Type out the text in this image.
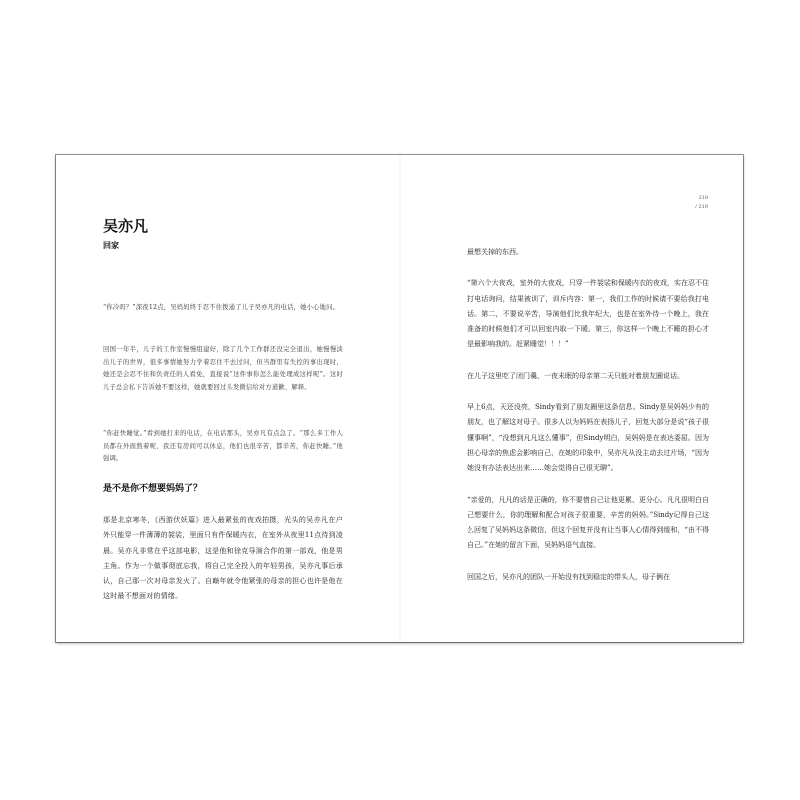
218
/ 219
吴亦凡

回家

“你冷吗？”深夜12点，吴妈妈终于忍不住拨通了儿子吴亦凡的电话，她小心地问。

回国一年半，儿子的工作室慢慢组建好，除了几个工作群还没完全退出，她慢慢淡出儿子的世界，很多事情她努力学着忍住不去过问，但当群里有失控的事出现时，她还是会忍不住和负责任的人看免，直接说“这件事你怎么能处理成这样呢”。这时儿子总会私下告诉她不要这样，她就要回过头发微信给对方道歉、解释。

“你赶快睡觉。”看到她打来的电话，在电话那头，吴亦凡有点急了。“那么多工作人员都在外面熬着呢，我还有房间可以休息，他们也很辛苦，都辛苦，你赶快睡。”他强调。

是不是你不想要妈妈了？

那是北京寒冬，《西游伏妖篇》进入最紧张的夜戏拍摄，光头的吴亦凡在户外只能穿一件薄薄的袈裟，里面只有件保暖内衣，在室外从夜里11点待到凌晨。吴亦凡非常在乎这部电影，这是他和徐克导演合作的第一部戏，他是男主角。作为一个做事彻底忘我，将自己完全投入的年轻男孩，吴亦凡事后承认，自己那一次对母亲发火了。自巅年就令他紧张的母亲的担心也许是他在这时最不想面对的情绪。

最想关掉的东西。

“第六个大夜戏，室外的大夜戏，只穿一件袈裟和保暖内衣的夜戏，实在忍不住打电话询问，结果被训了，训斥内容：第一，我们工作的时候请不要给我打电话。第二，不要说辛苦，导演他们比我年纪大，也是在室外待一个晚上，我在准备的时候他们才可以回室内取一下暖。第三，你这样一个晚上不睡的担心才是最影响我的。赶紧睡觉！！！”

在儿子这里吃了闭门羹，一夜未眠的母亲第二天只能对着朋友圈说话。

早上6点，天还没亮，Sindy看到了朋友圈里这条信息。Sindy是吴妈妈少有的朋友，也了解这对母子。很多人以为妈妈在表扬儿子，回复大部分是说“孩子很懂事啊”，“没想到凡凡这么懂事”，但Sindy明白，吴妈妈是在表达委屈。因为担心母亲的焦虑会影响自己，在她的印象中，吴亦凡从没主动去过片场，“因为她没有办法表达出来……她会觉得自己很无聊”。

“亲爱的，凡凡的话是正确的，你不要惜自己让他更累、更分心。凡凡很明白自己想要什么，你的理解和配合对孩子很重要，辛苦的妈妈。”Sindy记得自己这么回复了吴妈妈这条微信，但这个回复并没有让当事人心情得到缓和，“由不得自己。”在她的留言下面，吴妈妈语气直接。

回国之后，吴亦凡的团队一开始没有找到稳定的带头人，母子俩在
